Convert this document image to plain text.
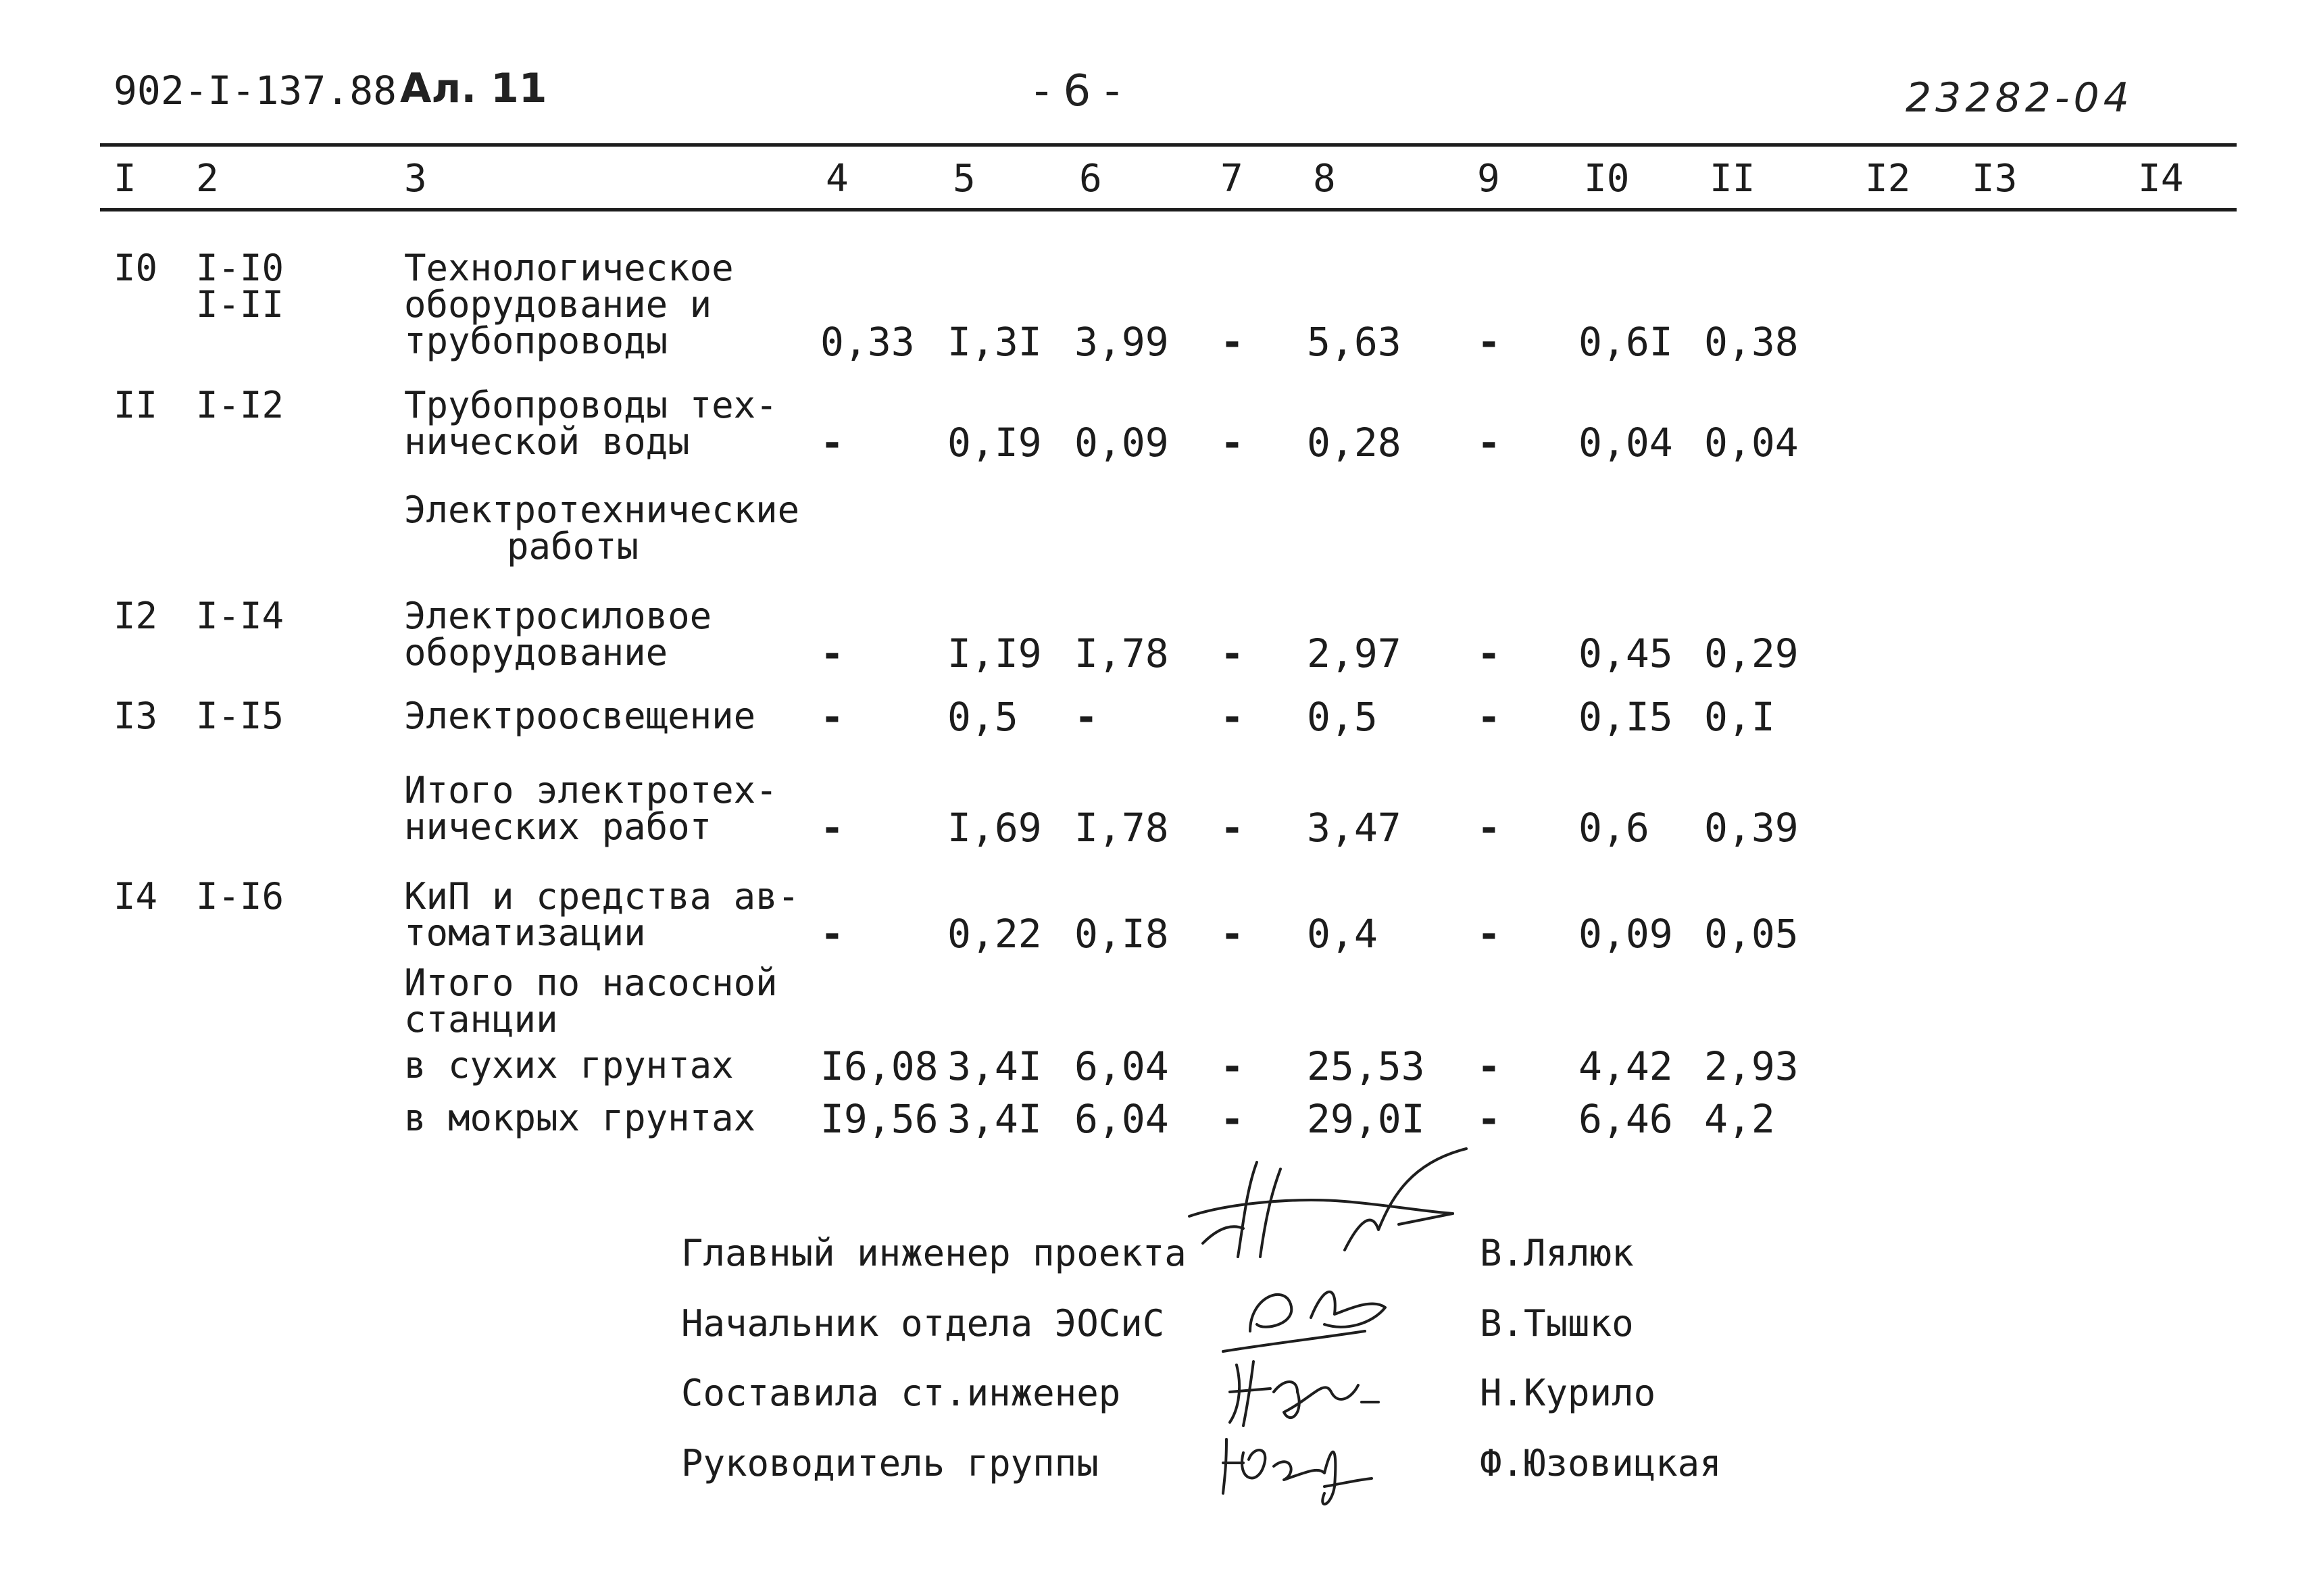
902-I-137.88 Ал. 11	- 6 -	23282-04
I 2	3	4	5	6	7 8	9 I0 II	I2 I3	I4
I0 I-I0
I-II
Технологическое
оборудование и
трубопроводы	0,33 I,3I 3,99 - 5,63 - 0,6I 0,38
II I-I2	Трубопроводы тех-
нической воды	-	0,I9 0,09 - 0,28 - 0,04 0,04
Электротехнические
работы
I2 I-I4	Электросиловое
оборудование	-	I,I9 I,78 - 2,97 - 0,45 0,29
I3 I-I5	Электроосвещение -	0,5 -	- 0,5	- 0,I5 0,I
Итого электротех-
нических работ	-	I,69 I,78 - 3,47 - 0,6 0,39
I4 I-I6	КиП и средства ав-
томатизации	-	0,22 0,I8 - 0,4	- 0,09 0,05
Итого по насосной
станции
в сухих грунтах I6,08 3,4I 6,04 - 25,53 - 4,42 2,93
в мокрых грунтах I9,56 3,4I 6,04 - 29,0I - 6,46 4,2
Главный инженер проекта	В.Лялюк
Начальник отдела ЭОСиС	В.Тышко
Составила ст.инженер	Н.Курило
Руководитель группы	Ф.Юзовицкая
